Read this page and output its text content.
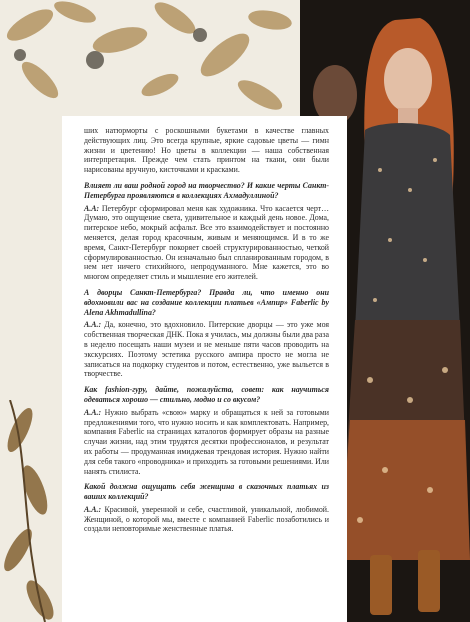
ших натюрморты с роскошными букетами в качестве главных действующих лиц. Это всегда крупные, яркие садовые цветы — гимн жизни и цветению! Но цветы в коллекции — наша собственная интерпретация. Прежде чем стать принтом на ткани, они были нарисованы вручную, кисточками и красками.

Влияет ли ваш родной город на творчество? И какие черты Санкт-Петербурга проявляются в коллекциях Ахмадуллиной?

А.А: Петербург сформировал меня как художника. Что касается черт… Думаю, это ощущение света, удивительное и каждый день новое. Дома, питерское небо, мокрый асфальт. Все это взаимодействует и постоянно меняется, делая город красочным, живым и меняющимся. И в то же время, Санкт-Петербург покоряет своей структурированностью, четкой сформулированностью. Он изначально был спланированным городом, в нем нет ничего стихийного, непродуманного. Мне кажется, это во многом определяет стиль и мышление его жителей.

А дворцы Санкт-Петербурга? Правда ли, что именно они вдохновили вас на создание коллекции платьев «Ампир» Faberlic by Alena Akhmadullina?

А.А.: Да, конечно, это вдохновило. Питерские дворцы — это уже моя собственная творческая ДНК. Пока я училась, мы должны были два раза в неделю посещать наши музеи и не меньше пяти часов проводить на экскурсиях. Поэтому эстетика русского ампира просто не могла не записаться на подкорку студентов и потом, естественно, уже выльется в творчестве.

Как fashion-гуру, дайте, пожалуйста, совет: как научиться одеваться хорошо — стильно, модно и со вкусом?

А.А.: Нужно выбрать «свою» марку и обращаться к ней за готовыми предложениями того, что нужно носить и как комплектовать. Например, компания Faberlic на страницах каталогов формирует образы на разные случаи жизни, над этим трудятся десятки профессионалов, и результат их работы — продуманная имиджевая трендовая история. Нужно найти для себя такого «проводника» и приходить за готовыми решениями. Или нанять стилиста.

Какой должна ощущать себя женщина в сказочных платьях из ваших коллекций?

А.А.: Красивой, уверенной и себе, счастливой, уникальной, любимой. Женщиной, о которой мы, вместе с компанией Faberlic позаботились и создали неповторимые женственные платья.
